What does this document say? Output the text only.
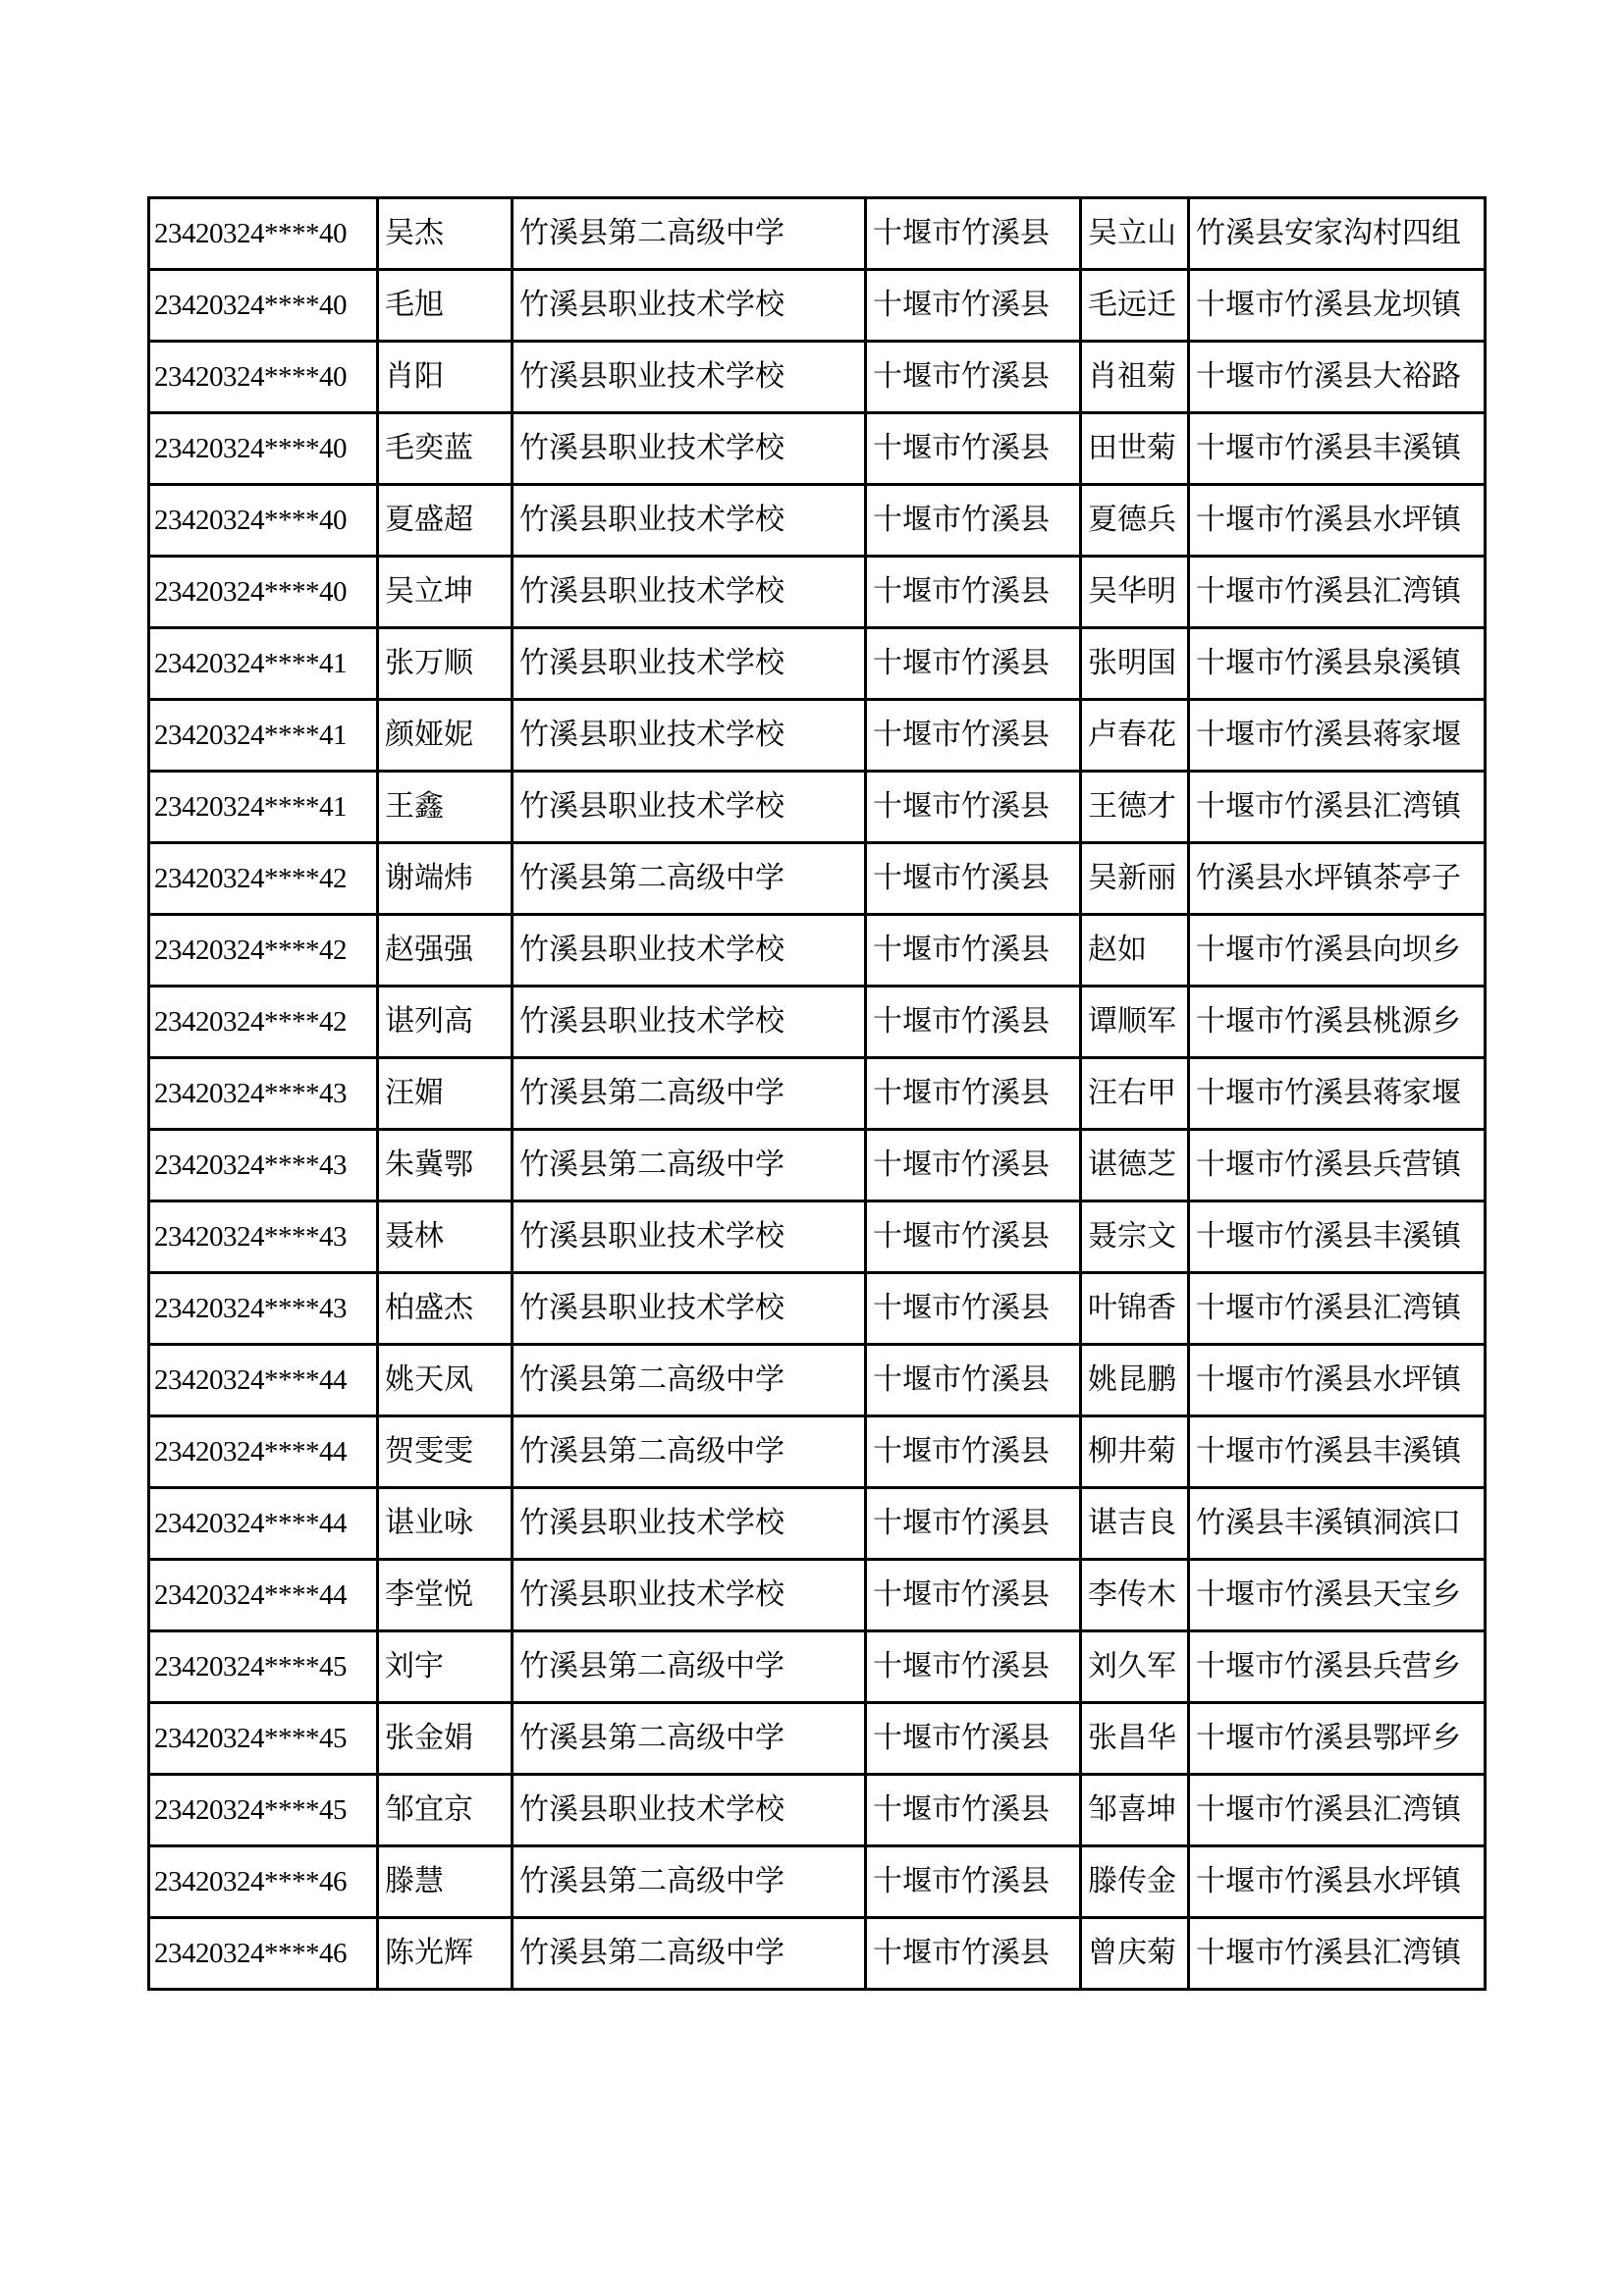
23420324****40	吴杰	竹溪县第二高级中学	十堰市竹溪县	吴立山	竹溪县安家沟村四组
23420324****40	毛旭	竹溪县职业技术学校	十堰市竹溪县	毛远迁	十堰市竹溪县龙坝镇
23420324****40	肖阳	竹溪县职业技术学校	十堰市竹溪县	肖祖菊	十堰市竹溪县大裕路
23420324****40	毛奕蓝	竹溪县职业技术学校	十堰市竹溪县	田世菊	十堰市竹溪县丰溪镇
23420324****40	夏盛超	竹溪县职业技术学校	十堰市竹溪县	夏德兵	十堰市竹溪县水坪镇
23420324****40	吴立坤	竹溪县职业技术学校	十堰市竹溪县	吴华明	十堰市竹溪县汇湾镇
23420324****41	张万顺	竹溪县职业技术学校	十堰市竹溪县	张明国	十堰市竹溪县泉溪镇
23420324****41	颜娅妮	竹溪县职业技术学校	十堰市竹溪县	卢春花	十堰市竹溪县蒋家堰
23420324****41	王鑫	竹溪县职业技术学校	十堰市竹溪县	王德才	十堰市竹溪县汇湾镇
23420324****42	谢端炜	竹溪县第二高级中学	十堰市竹溪县	吴新丽	竹溪县水坪镇茶亭子
23420324****42	赵强强	竹溪县职业技术学校	十堰市竹溪县	赵如	十堰市竹溪县向坝乡
23420324****42	谌列高	竹溪县职业技术学校	十堰市竹溪县	谭顺军	十堰市竹溪县桃源乡
23420324****43	汪媚	竹溪县第二高级中学	十堰市竹溪县	汪右甲	十堰市竹溪县蒋家堰
23420324****43	朱冀鄂	竹溪县第二高级中学	十堰市竹溪县	谌德芝	十堰市竹溪县兵营镇
23420324****43	聂林	竹溪县职业技术学校	十堰市竹溪县	聂宗文	十堰市竹溪县丰溪镇
23420324****43	柏盛杰	竹溪县职业技术学校	十堰市竹溪县	叶锦香	十堰市竹溪县汇湾镇
23420324****44	姚天凤	竹溪县第二高级中学	十堰市竹溪县	姚昆鹏	十堰市竹溪县水坪镇
23420324****44	贺雯雯	竹溪县第二高级中学	十堰市竹溪县	柳井菊	十堰市竹溪县丰溪镇
23420324****44	谌业咏	竹溪县职业技术学校	十堰市竹溪县	谌吉良	竹溪县丰溪镇洞滨口
23420324****44	李堂悦	竹溪县职业技术学校	十堰市竹溪县	李传木	十堰市竹溪县天宝乡
23420324****45	刘宇	竹溪县第二高级中学	十堰市竹溪县	刘久军	十堰市竹溪县兵营乡
23420324****45	张金娟	竹溪县第二高级中学	十堰市竹溪县	张昌华	十堰市竹溪县鄂坪乡
23420324****45	邹宜京	竹溪县职业技术学校	十堰市竹溪县	邹喜坤	十堰市竹溪县汇湾镇
23420324****46	滕慧	竹溪县第二高级中学	十堰市竹溪县	滕传金	十堰市竹溪县水坪镇
23420324****46	陈光辉	竹溪县第二高级中学	十堰市竹溪县	曾庆菊	十堰市竹溪县汇湾镇
